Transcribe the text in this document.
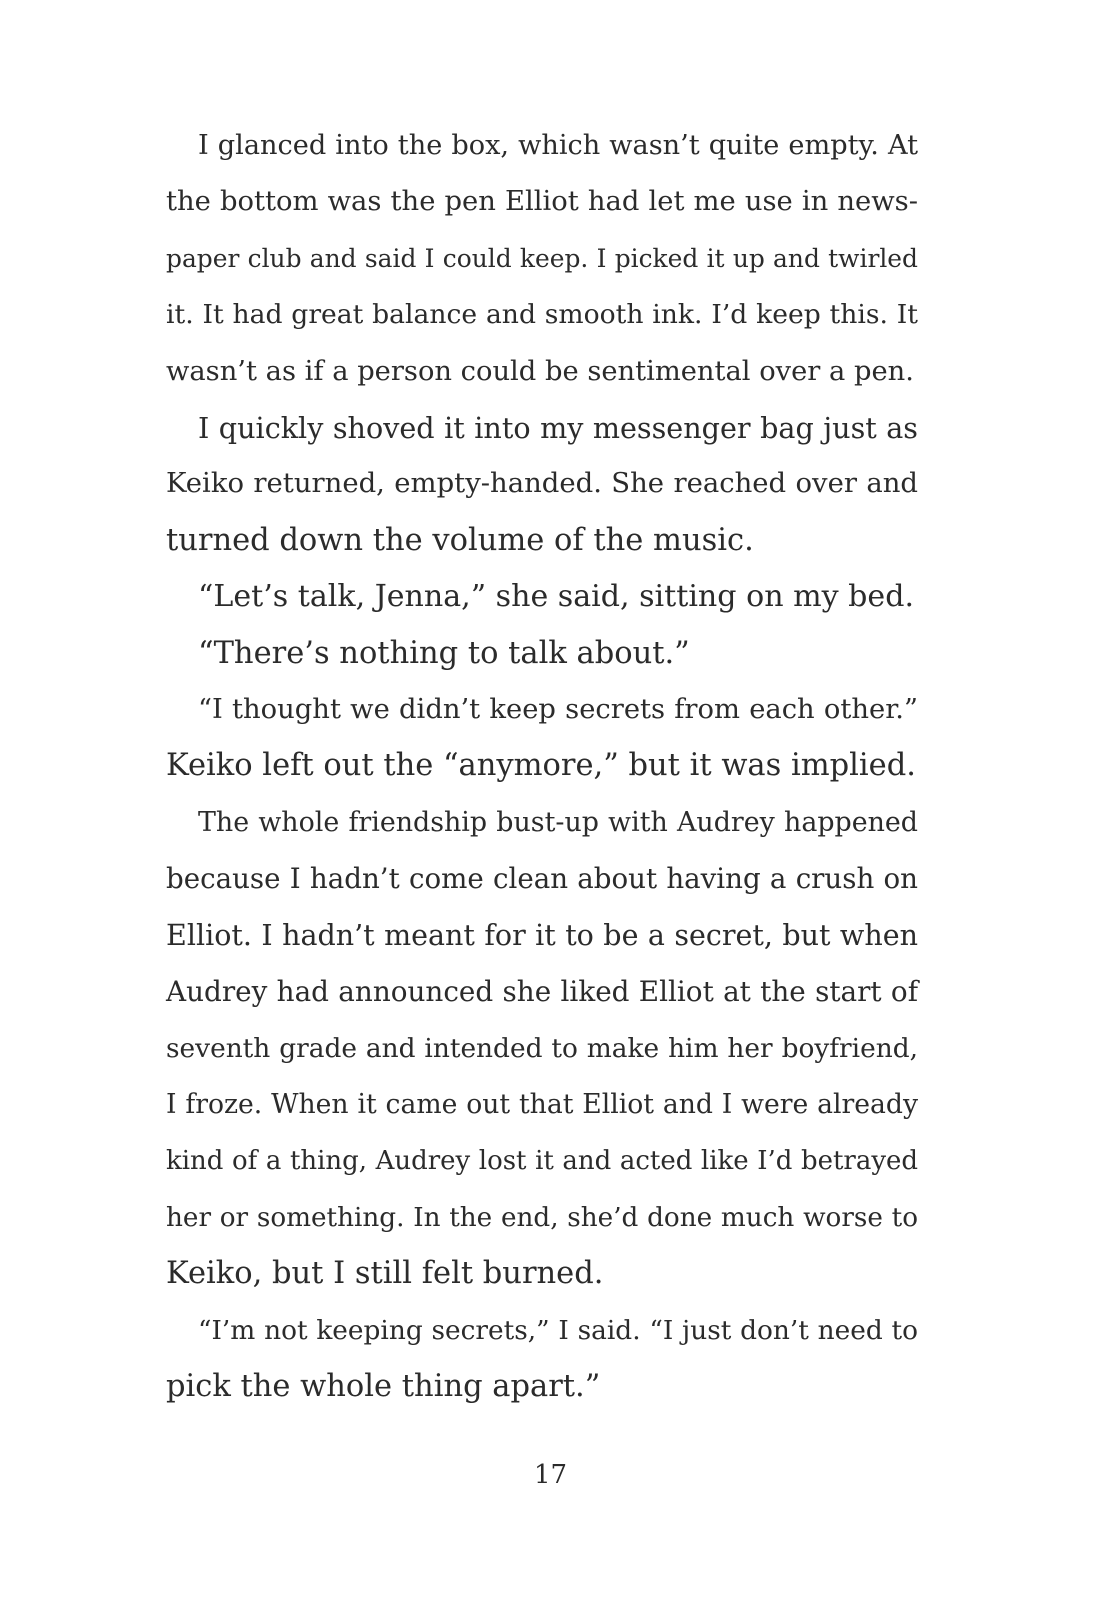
I glanced into the box, which wasn’t quite empty. At
the bottom was the pen Elliot had let me use in news-
paper club and said I could keep. I picked it up and twirled
it. It had great balance and smooth ink. I’d keep this. It
wasn’t as if a person could be sentimental over a pen.

I quickly shoved it into my messenger bag just as
Keiko returned, empty-handed. She reached over and
turned down the volume of the music.

“Let’s talk, Jenna,” she said, sitting on my bed.

“There’s nothing to talk about.”

“I thought we didn’t keep secrets from each other.”
Keiko left out the “anymore,” but it was implied.

The whole friendship bust-up with Audrey happened
because I hadn’t come clean about having a crush on
Elliot. I hadn’t meant for it to be a secret, but when
Audrey had announced she liked Elliot at the start of
seventh grade and intended to make him her boyfriend,
I froze. When it came out that Elliot and I were already
kind of a thing, Audrey lost it and acted like I’d betrayed
her or something. In the end, she’d done much worse to
Keiko, but I still felt burned.

“I’m not keeping secrets,” I said. “I just don’t need to
pick the whole thing apart.”

17
